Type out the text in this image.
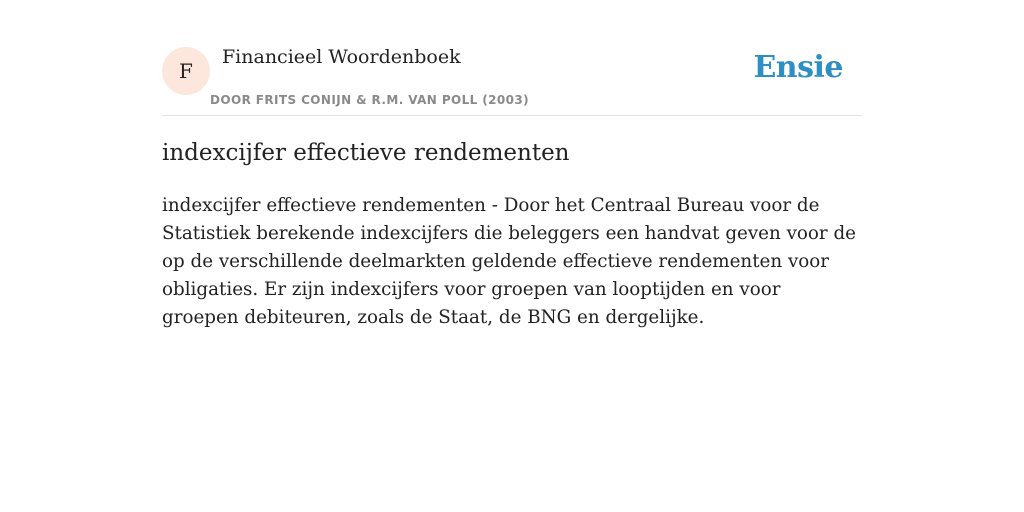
F
Financieel Woordenboek
DOOR FRITS CONIJN & R.M. VAN POLL (2003)
Ensie
indexcijfer effectieve rendementen

indexcijfer effectieve rendementen - Door het Centraal Bureau voor de Statistiek berekende indexcijfers die beleggers een handvat geven voor de op de verschillende deelmarkten geldende effectieve rendementen voor obligaties. Er zijn indexcijfers voor groepen van looptijden en voor groepen debiteuren, zoals de Staat, de BNG en dergelijke.
